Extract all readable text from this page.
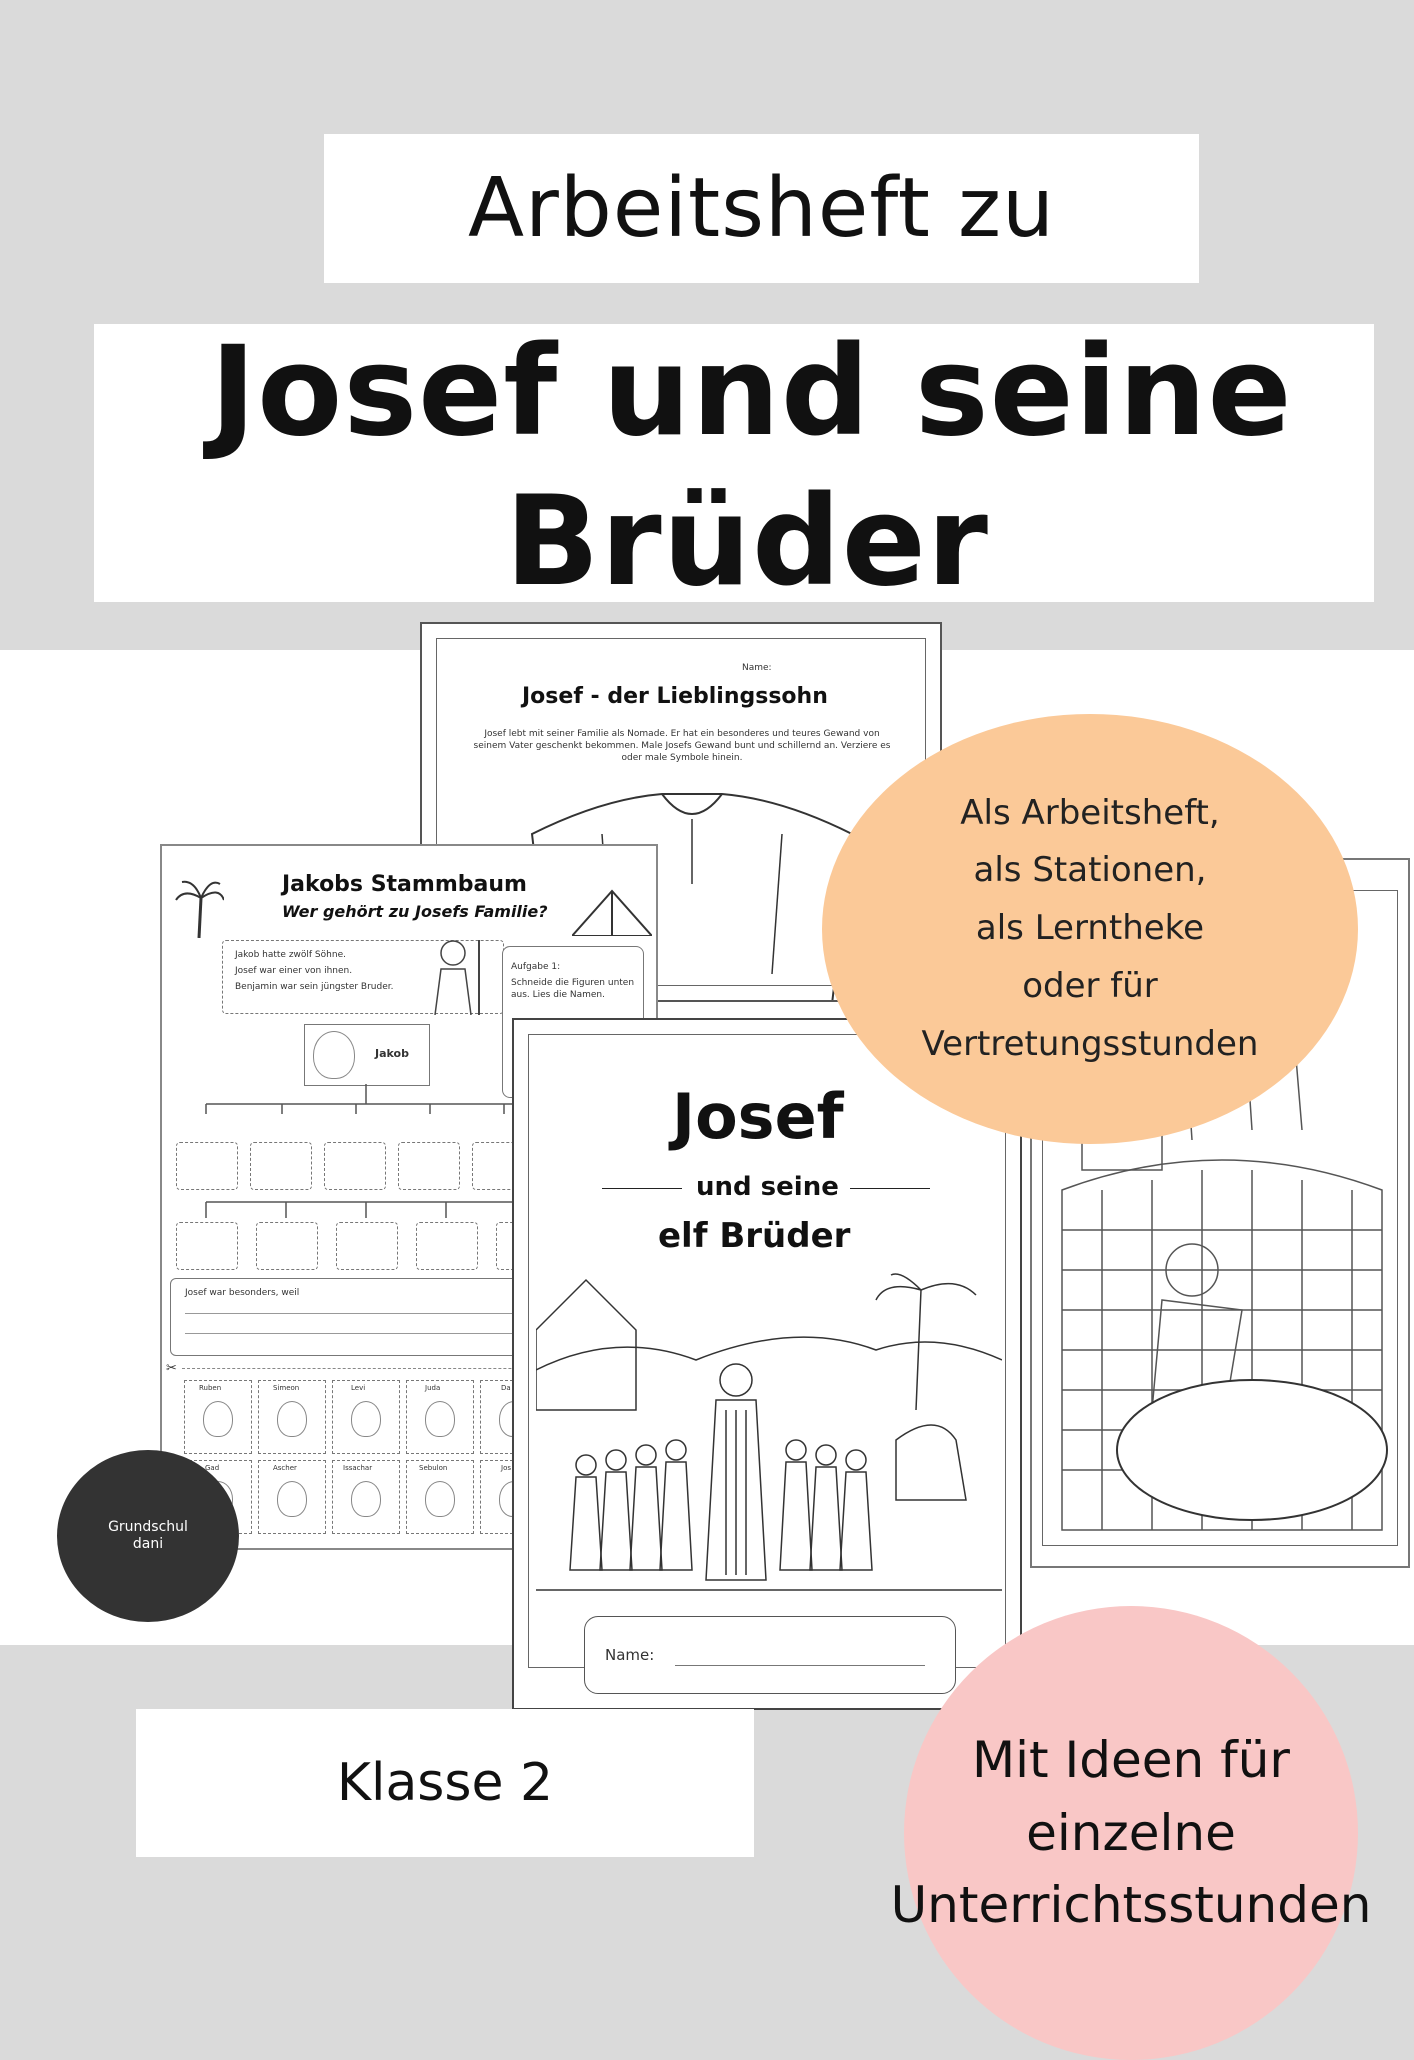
Arbeitsheft zu
Josef und seine
Brüder
Name:
Josef - der Lieblingssohn
Josef lebt mit seiner Familie als Nomade. Er hat ein besonderes und teures Gewand von seinem Vater geschenkt bekommen. Male Josefs Gewand bunt und schillernd an. Verziere es oder male Symbole hinein.
Jakobs Stammbaum
Wer gehört zu Josefs Familie?
Jakob hatte zwölf Söhne.
Josef war einer von ihnen.
Benjamin war sein jüngster Bruder.
Aufgabe 1:
Schneide die Figuren unten aus. Lies die Namen.
Jakob
Josef war besonders, weil
✂
Ruben	Simeon	Levi	Juda	Da
Gad	Ascher	Issachar	Sebulon	Jos
Josef
und seine
elf Brüder
Name:
Als Arbeitsheft,
als Stationen,
als Lerntheke
oder für
Vertretungsstunden
Grundschul
dani
Klasse 2	Mit Ideen für
einzelne
Unterrichtsstunden
